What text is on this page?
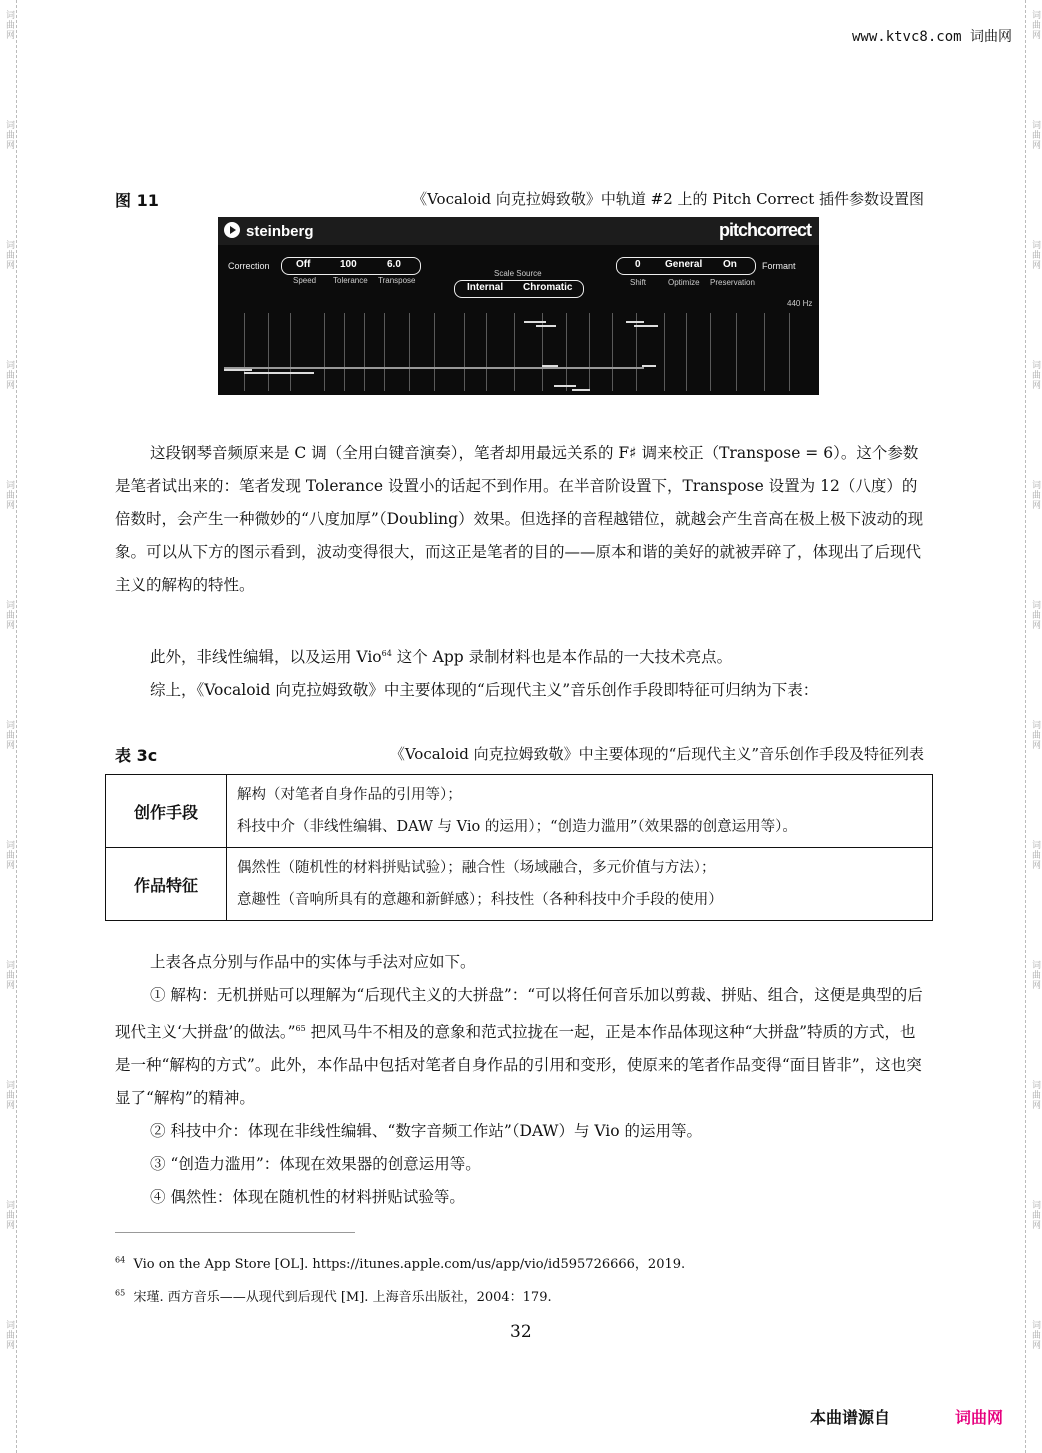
词曲网
词曲网
词曲网
词曲网
词曲网
词曲网
词曲网
词曲网
词曲网
词曲网
词曲网
词曲网
词曲网
词曲网
词曲网
词曲网
词曲网
词曲网
词曲网
词曲网
词曲网
词曲网
词曲网
词曲网
www.ktvc8.com 词曲网
图 11	《Vocaloid 向克拉姆致敬》中轨道 #2 上的 Pitch Correct 插件参数设置图
steinberg	pitchcorrect
Correction	Off	100	6.0
Speed Tolerance Transpose
Scale Source
Internal Chromatic
0 General On	Formant
Shift	Optimize Preservation
440 Hz

这段钢琴音频原来是 C 调（全用白键音演奏），笔者却用最远关系的 F♯ 调来校正（Transpose = 6）。这个参数是笔者试出来的：笔者发现 Tolerance 设置小的话起不到作用。在半音阶设置下，Transpose 设置为 12（八度）的倍数时，会产生一种微妙的“八度加厚”（Doubling）效果。但选择的音程越错位，就越会产生音高在极上极下波动的现象。可以从下方的图示看到，波动变得很大，而这正是笔者的目的——原本和谐的美好的就被弄碎了，体现出了后现代主义的解构的特性。

此外，非线性编辑，以及运用 Vio$^{64}$ 这个 App 录制材料也是本作品的一大技术亮点。

综上，《Vocaloid 向克拉姆致敬》中主要体现的“后现代主义”音乐创作手段即特征可归纳为下表：

表 3c	《Vocaloid 向克拉姆致敬》中主要体现的“后现代主义”音乐创作手段及特征列表
创作手段	解构（对笔者自身作品的引用等）；
科技中介（非线性编辑、DAW 与 Vio 的运用）；“创造力滥用”（效果器的创意运用等）。

作品特征	偶然性（随机性的材料拼贴试验）；融合性（场域融合，多元价值与方法）；
意趣性（音响所具有的意趣和新鲜感）；科技性（各种科技中介手段的使用）

上表各点分别与作品中的实体与手法对应如下。

① 解构：无机拼贴可以理解为“后现代主义的大拼盘”：“可以将任何音乐加以剪裁、拼贴、组合，这便是典型的后现代主义‘大拼盘’的做法。”$^{65}$ 把风马牛不相及的意象和范式拉拢在一起，正是本作品体现这种“大拼盘”特质的方式，也是一种“解构的方式”。此外，本作品中包括对笔者自身作品的引用和变形，使原来的笔者作品变得“面目皆非”，这也突显了“解构”的精神。

② 科技中介：体现在非线性编辑、“数字音频工作站”（DAW）与 Vio 的运用等。

③ “创造力滥用”：体现在效果器的创意运用等。

④ 偶然性：体现在随机性的材料拼贴试验等。

$^{64}$ Vio on the App Store [OL]. https://itunes.apple.com/us/app/vio/id595726666，2019.
$^{65}$ 宋瑾. 西方音乐——从现代到后现代 [M]. 上海音乐出版社，2004：179.
32
本曲谱源自	词曲网
